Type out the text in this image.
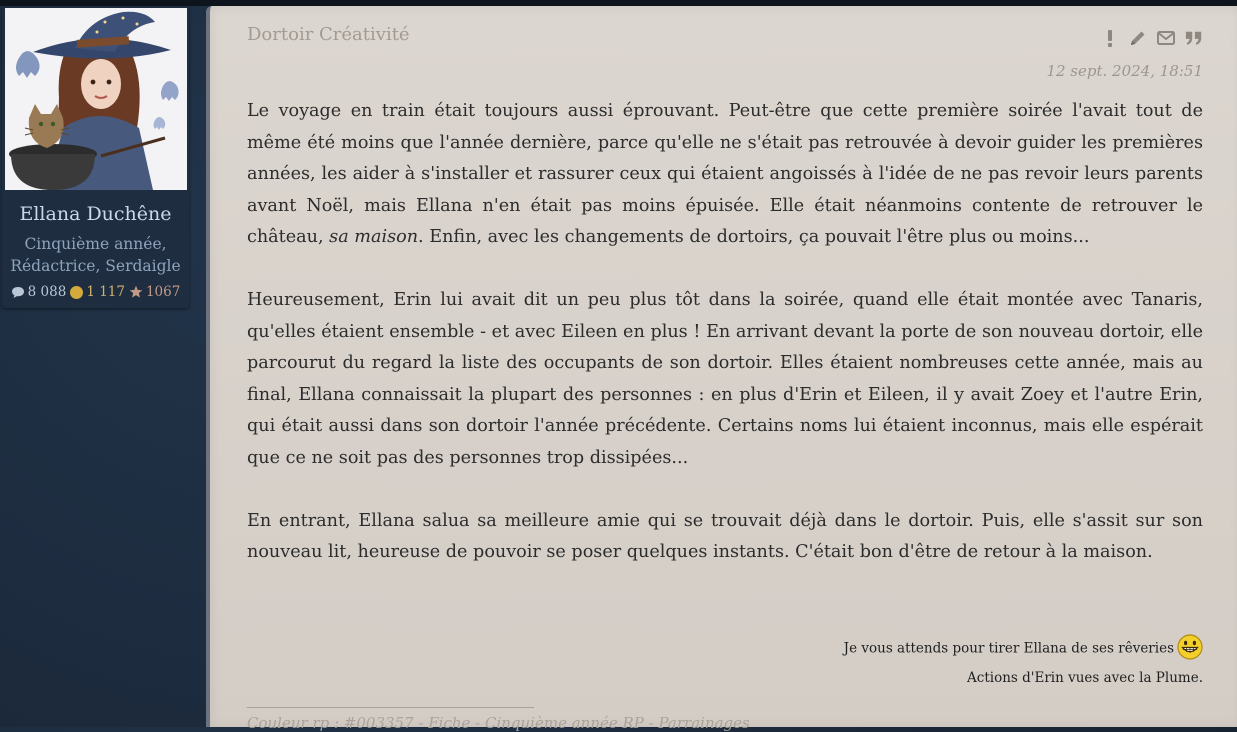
Ellana Duchêne
Cinquième année,
Rédactrice, Serdaigle
8 088 1 117 1067
Dortoir Créativité
12 sept. 2024, 18:51

Le voyage en train était toujours aussi éprouvant. Peut-être que cette première soirée l'avait tout de même été moins que l'année dernière, parce qu'elle ne s'était pas retrouvée à devoir guider les premières années, les aider à s'installer et rassurer ceux qui étaient angoissés à l'idée de ne pas revoir leurs parents avant Noël, mais Ellana n'en était pas moins épuisée. Elle était néanmoins contente de retrouver le château, sa maison. Enfin, avec les changements de dortoirs, ça pouvait l'être plus ou moins...

Heureusement, Erin lui avait dit un peu plus tôt dans la soirée, quand elle était montée avec Tanaris, qu'elles étaient ensemble - et avec Eileen en plus ! En arrivant devant la porte de son nouveau dortoir, elle parcourut du regard la liste des occupants de son dortoir. Elles étaient nombreuses cette année, mais au final, Ellana connaissait la plupart des personnes : en plus d'Erin et Eileen, il y avait Zoey et l'autre Erin, qui était aussi dans son dortoir l'année précédente. Certains noms lui étaient inconnus, mais elle espérait que ce ne soit pas des personnes trop dissipées...

En entrant, Ellana salua sa meilleure amie qui se trouvait déjà dans le dortoir. Puis, elle s'assit sur son nouveau lit, heureuse de pouvoir se poser quelques instants. C'était bon d'être de retour à la maison.

Je vous attends pour tirer Ellana de ses rêveries
Actions d'Erin vues avec la Plume.
Couleur rp : #003357 - Fiche - Cinquième année RP - Parrainages
